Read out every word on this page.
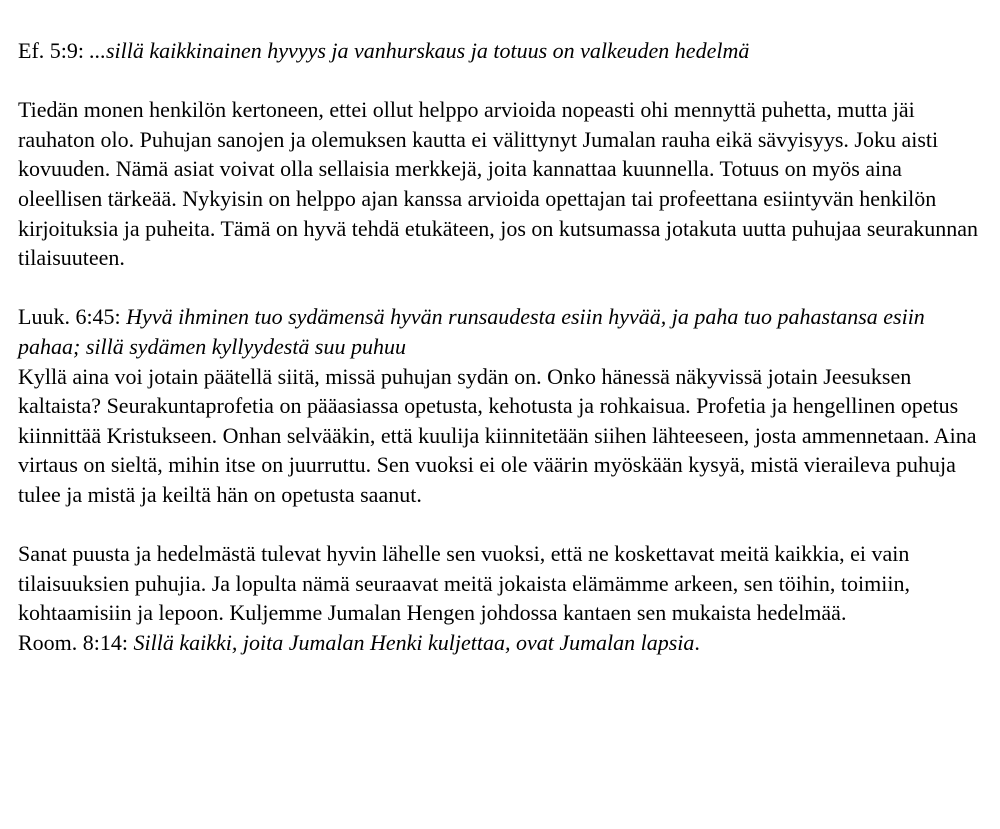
Ef. 5:9: ...sillä kaikkinainen hyvyys ja vanhurskaus ja totuus on valkeuden hedelmä

Tiedän monen henkilön kertoneen, ettei ollut helppo arvioida nopeasti ohi mennyttä puhetta, mutta jäi rauhaton olo. Puhujan sanojen ja olemuksen kautta ei välittynyt Jumalan rauha eikä sävyisyys. Joku aisti kovuuden. Nämä asiat voivat olla sellaisia merkkejä, joita kannattaa kuunnella. Totuus on myös aina oleellisen tärkeää. Nykyisin on helppo ajan kanssa arvioida opettajan tai profeettana esiintyvän henkilön kirjoituksia ja puheita. Tämä on hyvä tehdä etukäteen, jos on kutsumassa jotakuta uutta puhujaa seurakunnan tilaisuuteen.

Luuk. 6:45: Hyvä ihminen tuo sydämensä hyvän runsaudesta esiin hyvää, ja paha tuo pahastansa esiin pahaa; sillä sydämen kyllyydestä suu puhuu

Kyllä aina voi jotain päätellä siitä, missä puhujan sydän on. Onko hänessä näkyvissä jotain Jeesuksen kaltaista? Seurakuntaprofetia on pääasiassa opetusta, kehotusta ja rohkaisua. Profetia ja hengellinen opetus kiinnittää Kristukseen. Onhan selvääkin, että kuulija kiinnitetään siihen lähteeseen, josta ammennetaan. Aina virtaus on sieltä, mihin itse on juurruttu. Sen vuoksi ei ole väärin myöskään kysyä, mistä vieraileva puhuja tulee ja mistä ja keiltä hän on opetusta saanut.

Sanat puusta ja hedelmästä tulevat hyvin lähelle sen vuoksi, että ne koskettavat meitä kaikkia, ei vain tilaisuuksien puhujia. Ja lopulta nämä seuraavat meitä jokaista elämämme arkeen, sen töihin, toimiin, kohtaamisiin ja lepoon. Kuljemme Jumalan Hengen johdossa kantaen sen mukaista hedelmää.

Room. 8:14: Sillä kaikki, joita Jumalan Henki kuljettaa, ovat Jumalan lapsia.
